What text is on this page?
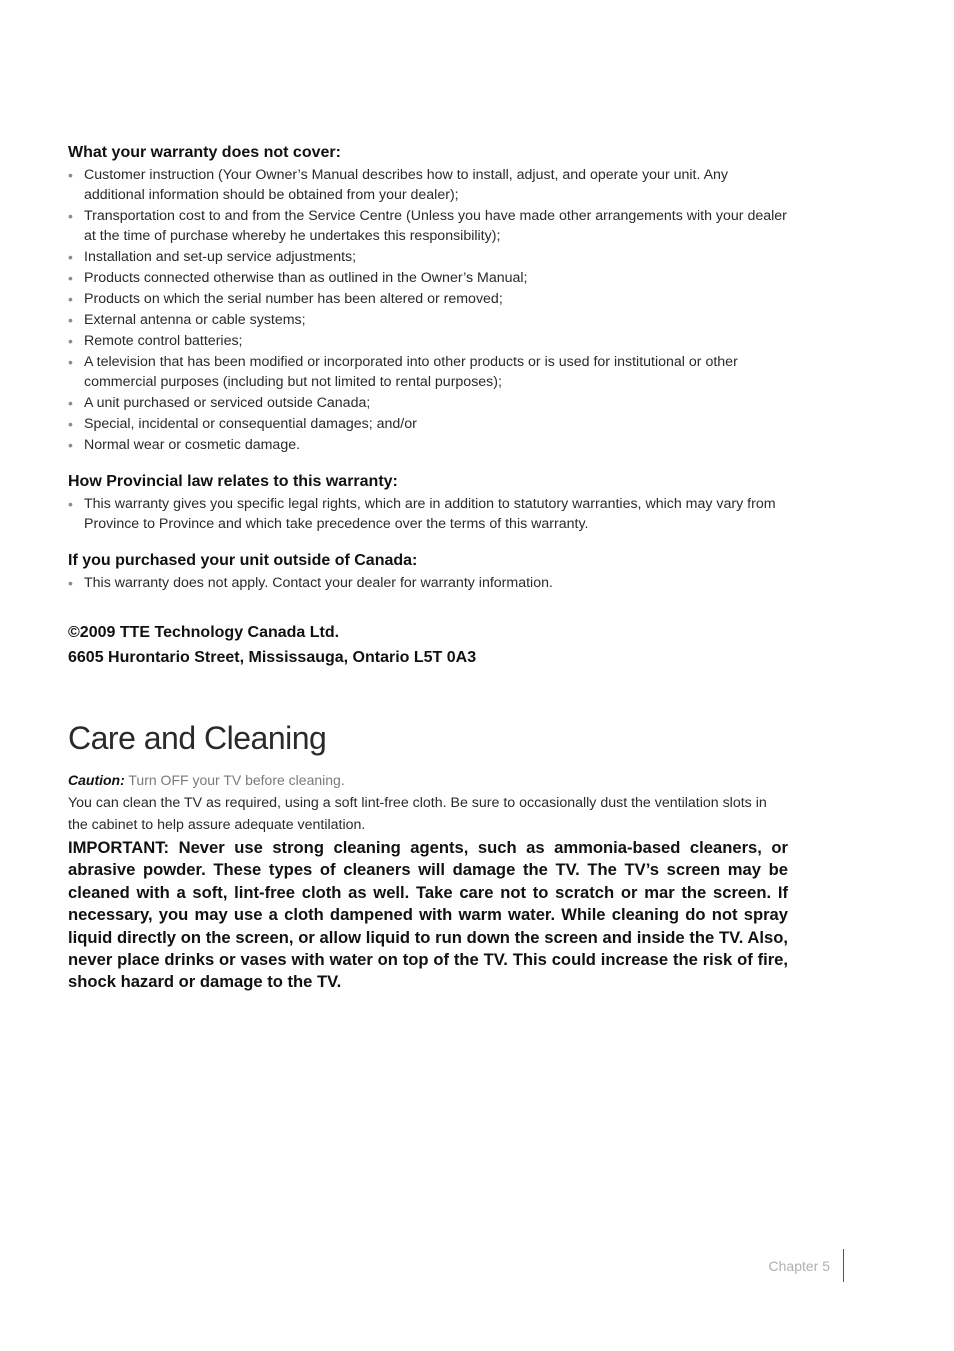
What your warranty does not cover:
• Customer instruction (Your Owner’s Manual describes how to install, adjust, and operate your unit. Any additional information should be obtained from your dealer);
• Transportation cost to and from the Service Centre (Unless you have made other arrangements with your dealer at the time of purchase whereby he undertakes this responsibility);
• Installation and set-up service adjustments;
• Products connected otherwise than as outlined in the Owner’s Manual;
• Products on which the serial number has been altered or removed;
• External antenna or cable systems;
• Remote control batteries;
• A television that has been modified or incorporated into other products or is used for institutional or other commercial purposes (including but not limited to rental purposes);
• A unit purchased or serviced outside Canada;
• Special, incidental or consequential damages; and/or
• Normal wear or cosmetic damage.
How Provincial law relates to this warranty:
• This warranty gives you specific legal rights, which are in addition to statutory warranties, which may vary from Province to Province and which take precedence over the terms of this warranty.
If you purchased your unit outside of Canada:
• This warranty does not apply. Contact your dealer for warranty information.
©2009 TTE Technology Canada Ltd.
6605 Hurontario Street, Mississauga, Ontario L5T 0A3
Care and Cleaning
Caution: Turn OFF your TV before cleaning.
You can clean the TV as required, using a soft lint-free cloth. Be sure to occasionally dust the ventilation slots in the cabinet to help assure adequate ventilation.
IMPORTANT: Never use strong cleaning agents, such as ammonia-based cleaners, or abrasive powder. These types of cleaners will damage the TV. The TV’s screen may be cleaned with a soft, lint-free cloth as well. Take care not to scratch or mar the screen. If necessary, you may use a cloth dampened with warm water. While cleaning do not spray liquid directly on the screen, or allow liquid to run down the screen and inside the TV. Also, never place drinks or vases with water on top of the TV. This could increase the risk of fire, shock hazard or damage to the TV.
Chapter 5
